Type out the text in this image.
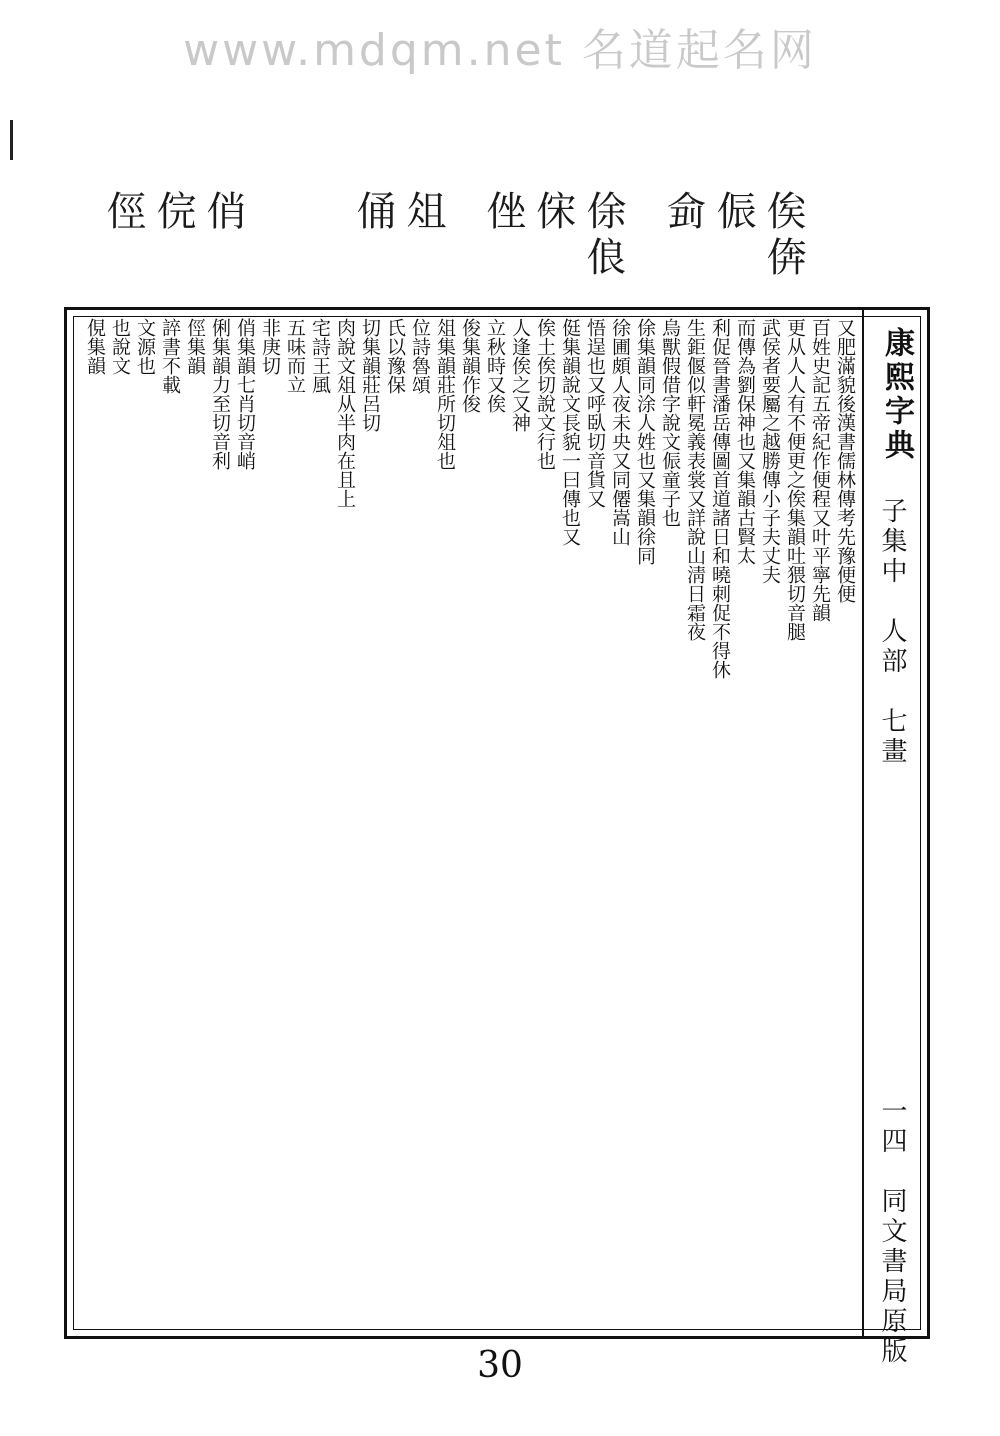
www.mdqm.net 名道起名网
俟倴
侲
侴
俆俍
俕
侳
俎
俑
俏
俒
俓
康熙字典
子集中　人部　七畫
一四
同文書局原版
又肥滿貌後漢書儒林傳考先豫便便
百姓史記五帝紀作便程又叶平寧先韻
更从人人有不便更之俟集韻吐猥切音腿
武侯者要屬之越勝傳小子夫丈夫
而傳為劉保神也又集韻古賢太
利促晉書潘岳傳圖首道諸日和曉刺促不得休
生鉅偃似軒冕義表裳又詳說山淸日霜夜
烏獸假借字說文侲童子也
俆集韻同涂人姓也又集韻徐同
徐圃頗人夜未央又同僊嵩山
悟逞也又呼臥切音貨又
侹集韻說文長貌一曰傳也又
俟土俟切說文行也
人逢俟之又神
立秋時又俟
俊集韻作俊
俎集韻莊所切俎也
位詩魯頌
氏以豫保
切集韻莊呂切
肉說文俎从半肉在且上
宅詩王風
五味而立
非庚切
俏集韻七肖切音峭
俐集韻力至切音利
俓集韻
誶書不載
文源也
也說文
俔集韻
30
